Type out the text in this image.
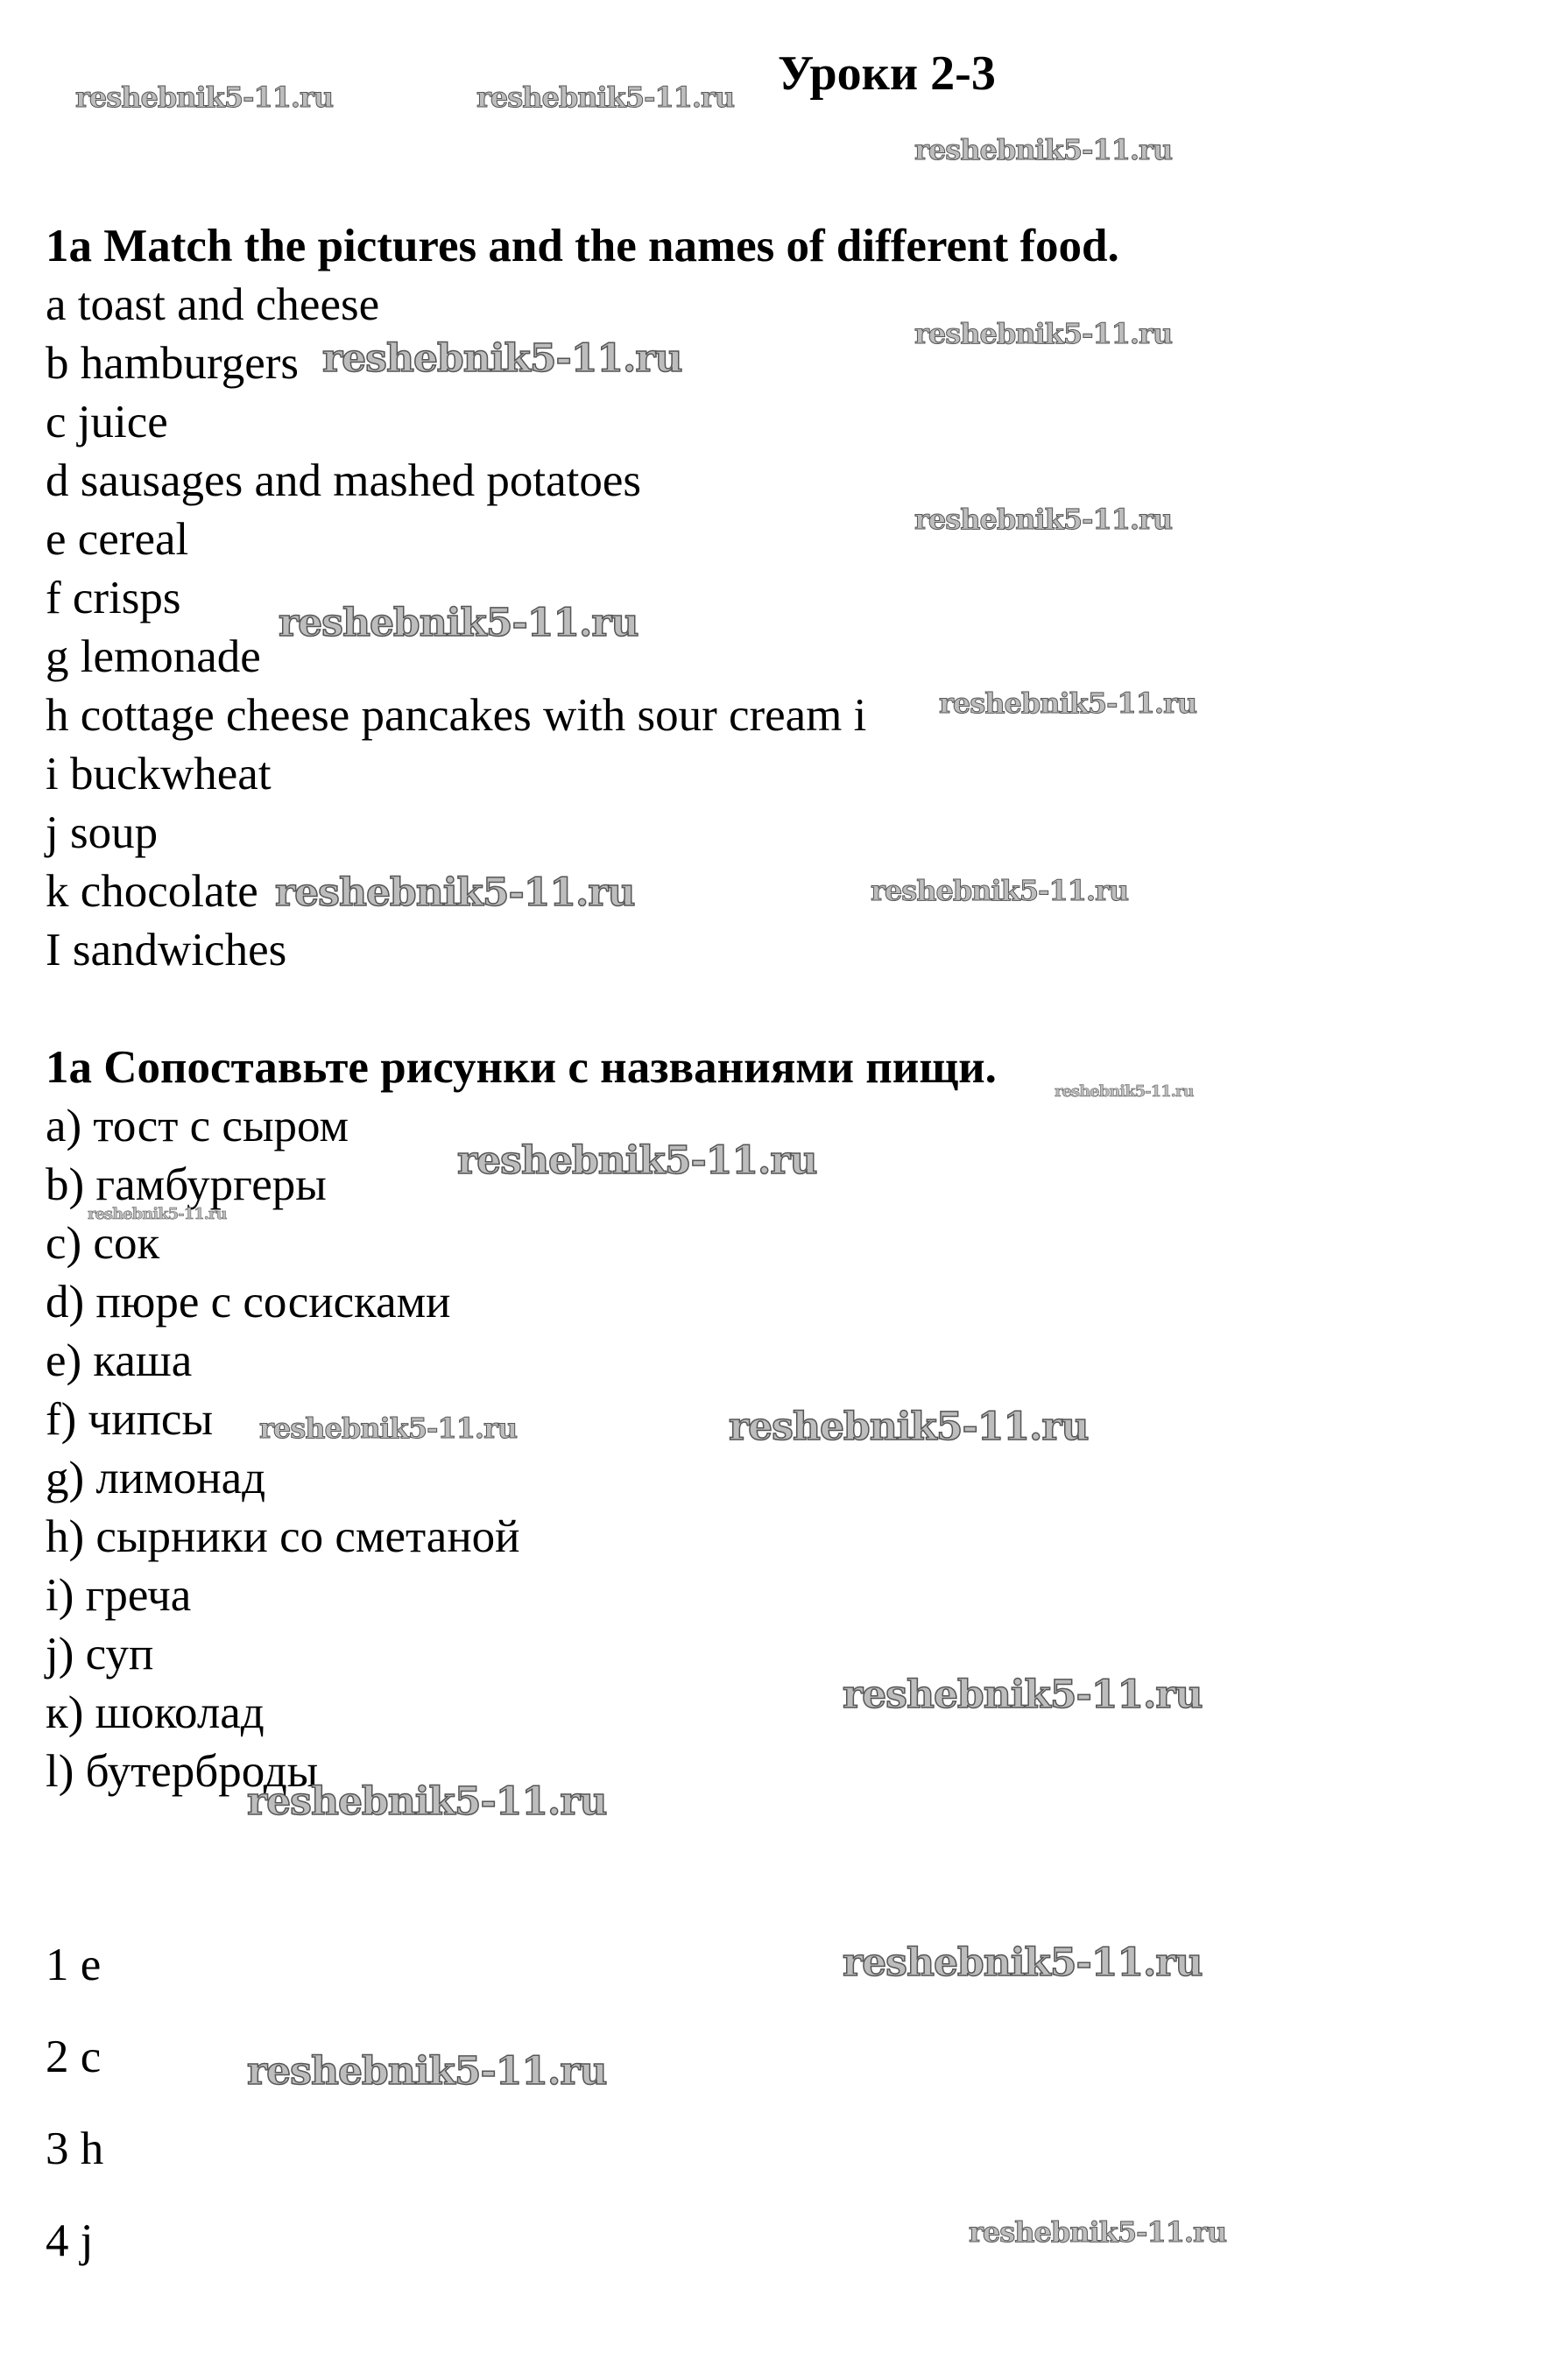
Уроки 2-3
1a Match the pictures and the names of different food.

a toast and cheese

b hamburgers

c juice

d sausages and mashed potatoes

e cereal

f crisps

g lemonade

h cottage cheese pancakes with sour cream i

i buckwheat

j soup

k chocolate

I sandwiches

1a Сопоставьте рисунки с названиями пищи.

a) тост с сыром

b) гамбургеры

c) сок

d) пюре с сосисками

e) каша

f) чипсы

g) лимонад

h) сырники со сметаной

i) греча

j) суп

к) шоколад

l) бутерброды

1 e

2 c

3 h

4 j

reshebnik5-11.ru	reshebnik5-11.ru
reshebnik5-11.ru
reshebnik5-11.ru
reshebnik5-11.ru
reshebnik5-11.ru
reshebnik5-11.ru
reshebnik5-11.ru
reshebnik5-11.ru	reshebnik5-11.ru
reshebnik5-11.ru
reshebnik5-11.ru
reshebnik5-11.ru
reshebnik5-11.ru	reshebnik5-11.ru
reshebnik5-11.ru
reshebnik5-11.ru
reshebnik5-11.ru
reshebnik5-11.ru
reshebnik5-11.ru
